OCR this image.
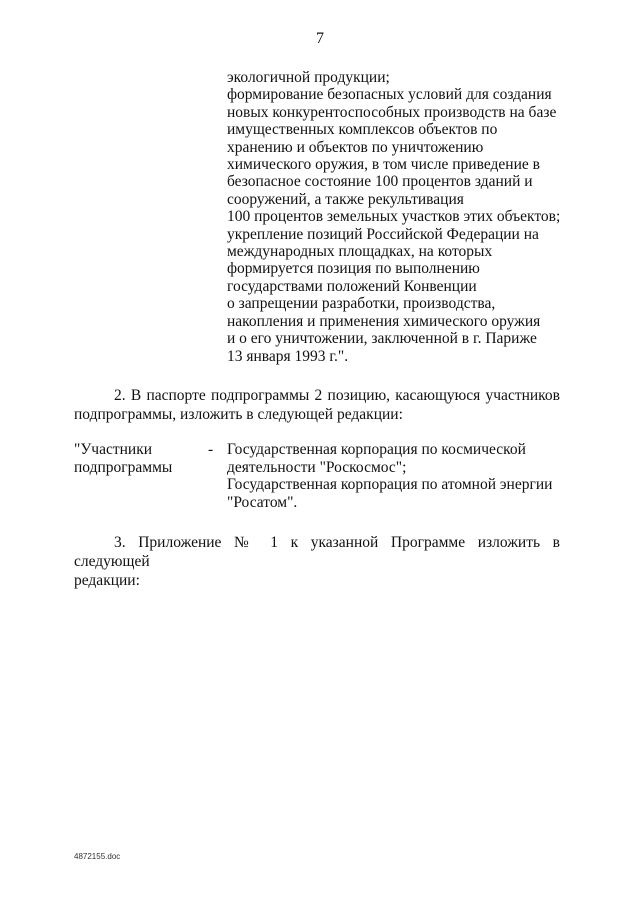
7
экологичной продукции;
формирование безопасных условий для создания
новых конкурентоспособных производств на базе
имущественных комплексов объектов по
хранению и объектов по уничтожению
химического оружия, в том числе приведение в
безопасное состояние 100 процентов зданий и
сооружений, а также рекультивация
100 процентов земельных участков этих объектов;
укрепление позиций Российской Федерации на
международных площадках, на которых
формируется позиция по выполнению
государствами положений Конвенции
о запрещении разработки, производства,
накопления и применения химического оружия
и о его уничтожении, заключенной в г. Париже
13 января 1993 г.".
2. В паспорте подпрограммы 2 позицию, касающуюся участников
подпрограммы, изложить в следующей редакции:
"Участники
подпрограммы
- Государственная корпорация по космической
деятельности "Роскосмос";
Государственная корпорация по атомной энергии
"Росатом".
3. Приложение № 1 к указанной Программе изложить в следующей
редакции:
4872155.doc
